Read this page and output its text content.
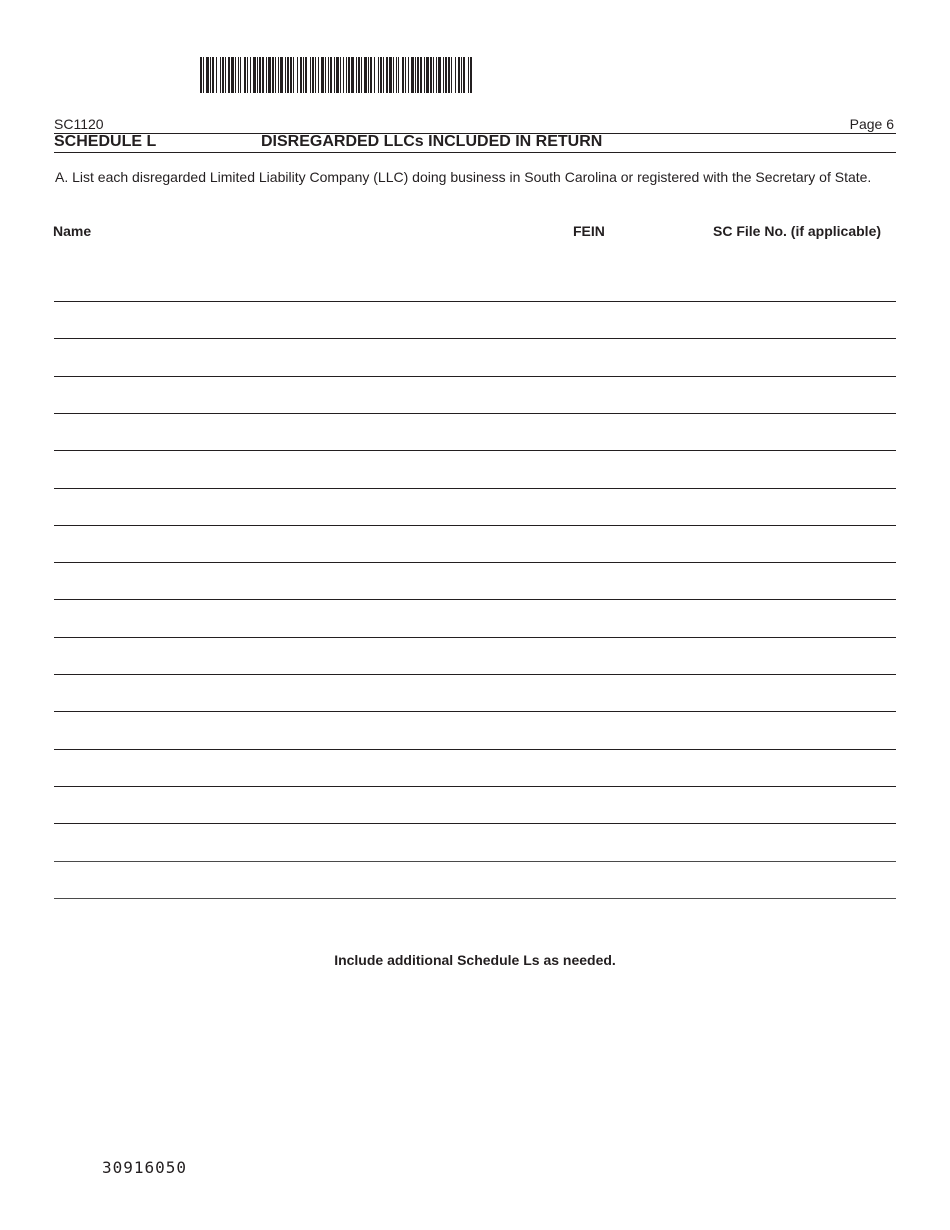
SC1120	Page 6
SCHEDULE L	DISREGARDED LLCs INCLUDED IN RETURN
A. List each disregarded Limited Liability Company (LLC) doing business in South Carolina or registered with the Secretary of State.
Name	FEIN	SC File No. (if applicable)
Include additional Schedule Ls as needed.
30916050
